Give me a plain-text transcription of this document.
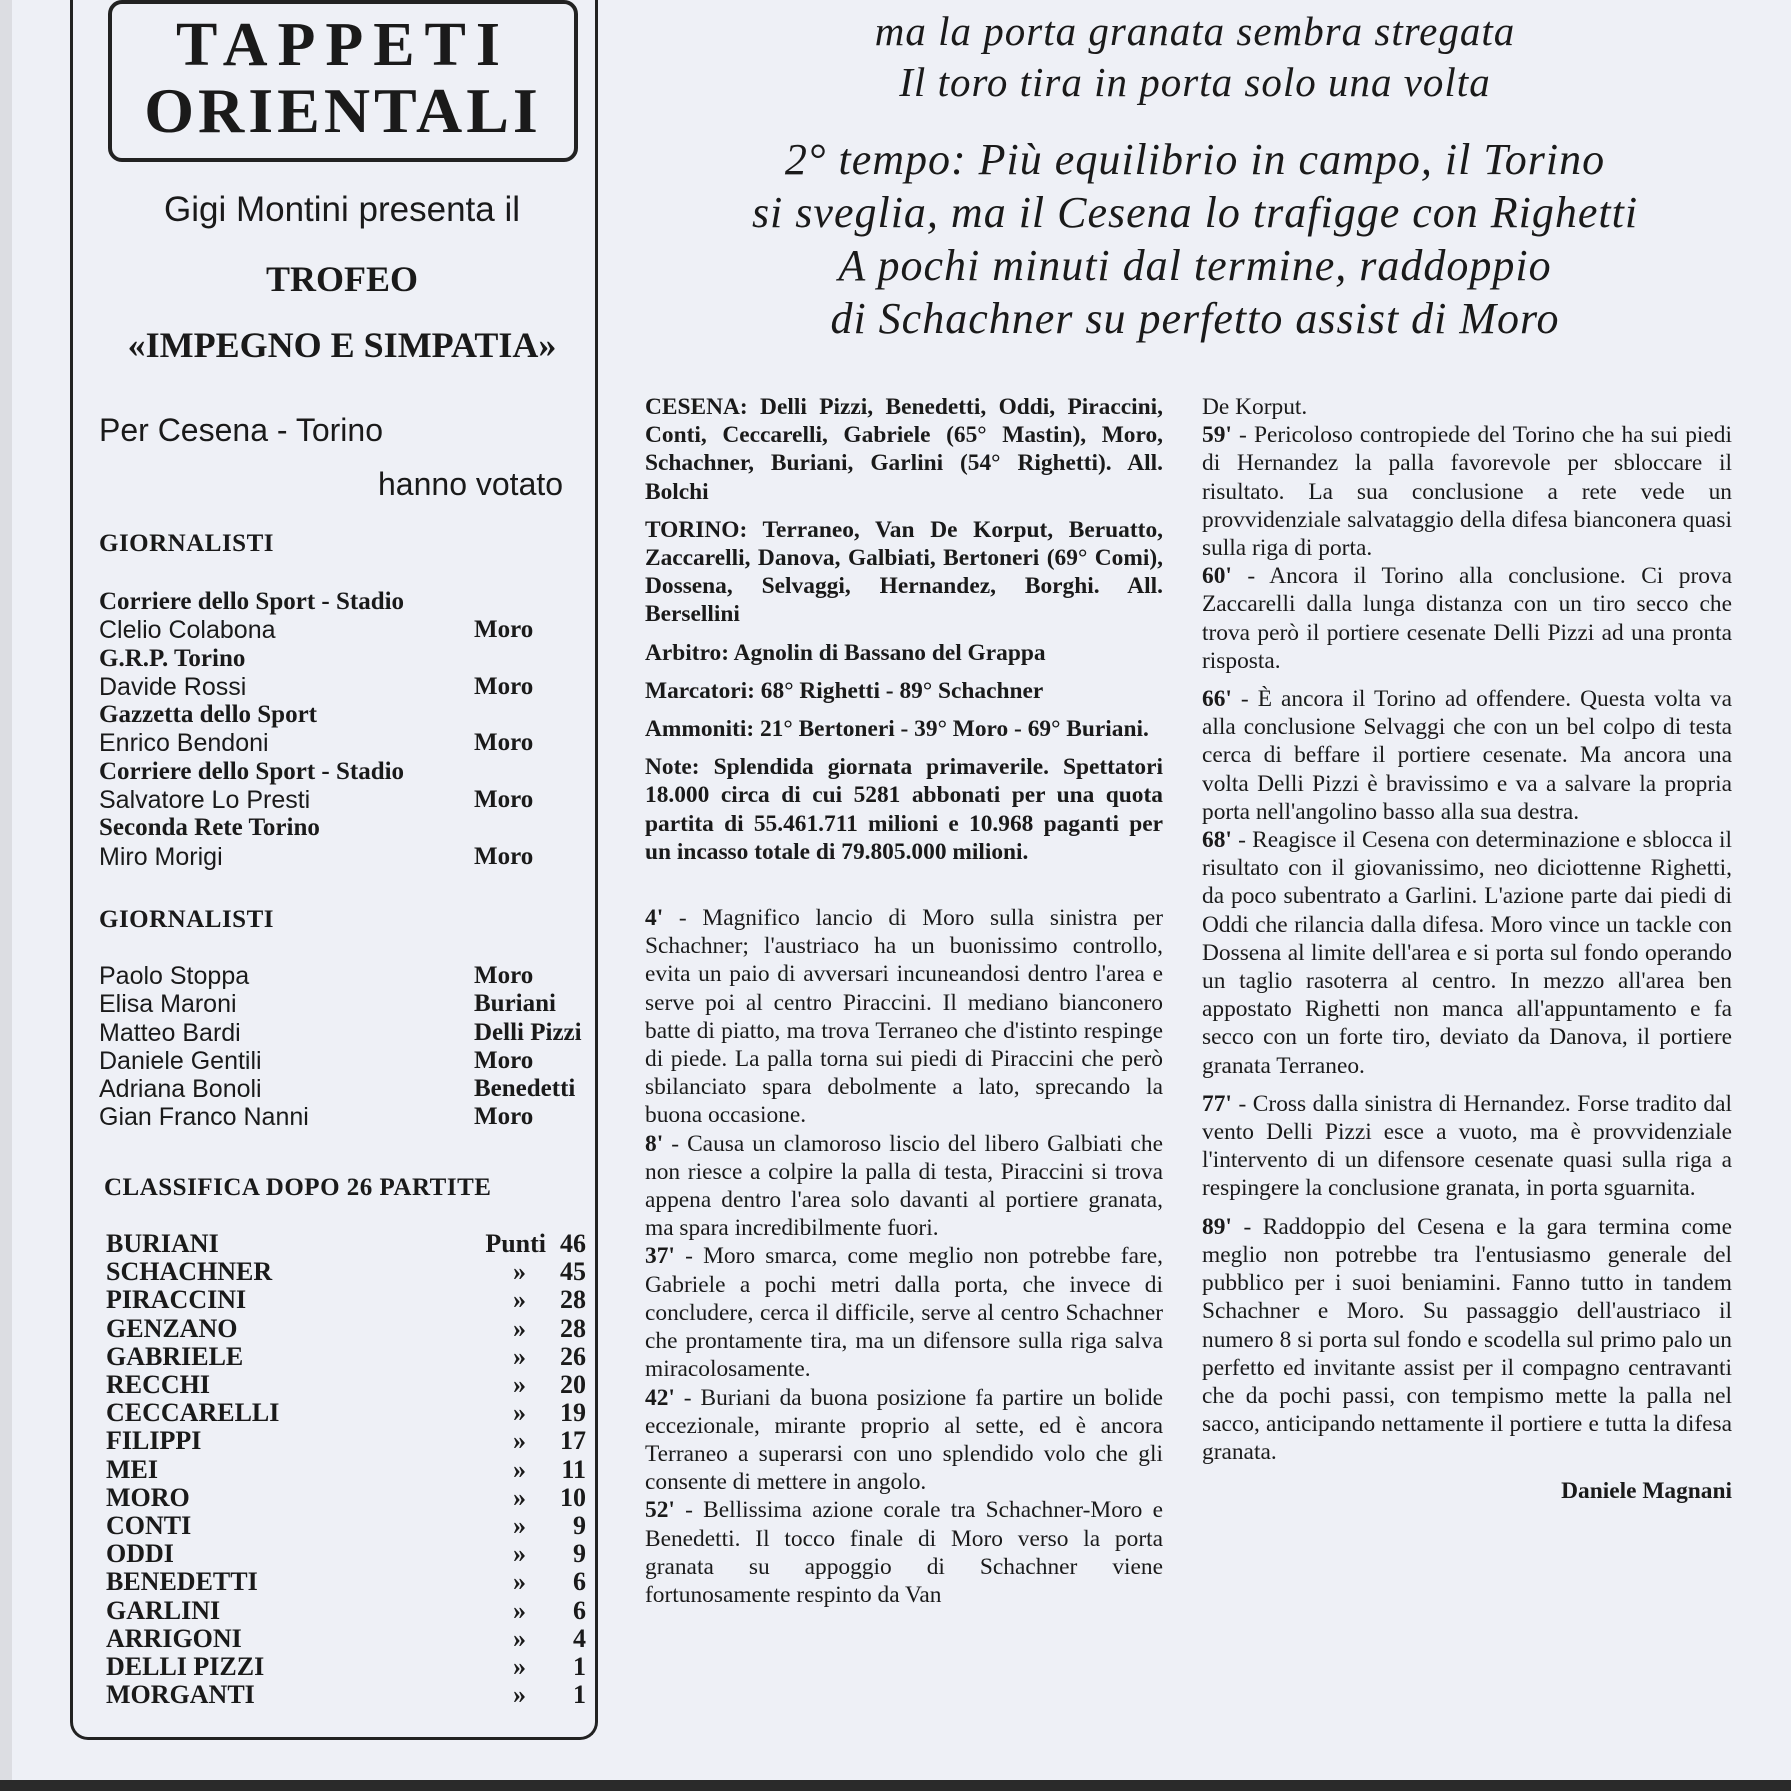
TAPPETI
ORIENTALI
Gigi Montini presenta il
TROFEO
«IMPEGNO E SIMPATIA»
Per Cesena - Torino
hanno votato
GIORNALISTI
Corriere dello Sport - Stadio
Clelio Colabona	Moro
G.R.P. Torino
Davide Rossi	Moro
Gazzetta dello Sport
Enrico Bendoni	Moro
Corriere dello Sport - Stadio
Salvatore Lo Presti	Moro
Seconda Rete Torino
Miro Morigi	Moro
GIORNALISTI
Paolo Stoppa	Moro
Elisa Maroni	Buriani
Matteo Bardi	Delli Pizzi
Daniele Gentili	Moro
Adriana Bonoli	Benedetti
Gian Franco Nanni	Moro
CLASSIFICA DOPO 26 PARTITE
BURIANI	Punti 46
SCHACHNER	»	45
PIRACCINI	»	28
GENZANO	»	28
GABRIELE	»	26
RECCHI	»	20
CECCARELLI	»	19
FILIPPI	»	17
MEI	»	11
MORO	»	10
CONTI	»	9
ODDI	»	9
BENEDETTI	»	6
GARLINI	»	6
ARRIGONI	»	4
DELLI PIZZI	»	1
MORGANTI	»	1
ma la porta granata sembra stregata
Il toro tira in porta solo una volta
2° tempo: Più equilibrio in campo, il Torino
si sveglia, ma il Cesena lo trafigge con Righetti
A pochi minuti dal termine, raddoppio
di Schachner su perfetto assist di Moro

CESENA: Delli Pizzi, Benedetti, Oddi, Piraccini, Conti, Ceccarelli, Gabriele (65° Mastin), Moro, Schachner, Buriani, Garlini (54° Righetti). All. Bolchi

TORINO: Terraneo, Van De Korput, Beruatto, Zaccarelli, Danova, Galbiati, Bertoneri (69° Comi), Dossena, Selvaggi, Hernandez, Borghi. All. Bersellini

Arbitro: Agnolin di Bassano del Grappa

Marcatori: 68° Righetti - 89° Schachner

Ammoniti: 21° Bertoneri - 39° Moro - 69° Buriani.

Note: Splendida giornata primaverile. Spettatori 18.000 circa di cui 5281 abbonati per una quota partita di 55.461.711 milioni e 10.968 paganti per un incasso totale di 79.805.000 milioni.

4' - Magnifico lancio di Moro sulla sinistra per Schachner; l'austriaco ha un buonissimo controllo, evita un paio di avversari incuneandosi dentro l'area e serve poi al centro Piraccini. Il mediano bianconero batte di piatto, ma trova Terraneo che d'istinto respinge di piede. La palla torna sui piedi di Piraccini che però sbilanciato spara debolmente a lato, sprecando la buona occasione.

8' - Causa un clamoroso liscio del libero Galbiati che non riesce a colpire la palla di testa, Piraccini si trova appena dentro l'area solo davanti al portiere granata, ma spara incredibilmente fuori.

37' - Moro smarca, come meglio non potrebbe fare, Gabriele a pochi metri dalla porta, che invece di concludere, cerca il difficile, serve al centro Schachner che prontamente tira, ma un difensore sulla riga salva miracolosamente.

42' - Buriani da buona posizione fa partire un bolide eccezionale, mirante proprio al sette, ed è ancora Terraneo a superarsi con uno splendido volo che gli consente di mettere in angolo.

52' - Bellissima azione corale tra Schachner-Moro e Benedetti. Il tocco finale di Moro verso la porta granata su appoggio di Schachner viene fortunosamente respinto da Van

De Korput.

59' - Pericoloso contropiede del Torino che ha sui piedi di Hernandez la palla favorevole per sbloccare il risultato. La sua conclusione a rete vede un provvidenziale salvataggio della difesa bianconera quasi sulla riga di porta.

60' - Ancora il Torino alla conclusione. Ci prova Zaccarelli dalla lunga distanza con un tiro secco che trova però il portiere cesenate Delli Pizzi ad una pronta risposta.

66' - È ancora il Torino ad offendere. Questa volta va alla conclusione Selvaggi che con un bel colpo di testa cerca di beffare il portiere cesenate. Ma ancora una volta Delli Pizzi è bravissimo e va a salvare la propria porta nell'angolino basso alla sua destra.

68' - Reagisce il Cesena con determinazione e sblocca il risultato con il giovanissimo, neo diciottenne Righetti, da poco subentrato a Garlini. L'azione parte dai piedi di Oddi che rilancia dalla difesa. Moro vince un tackle con Dossena al limite dell'area e si porta sul fondo operando un taglio rasoterra al centro. In mezzo all'area ben appostato Righetti non manca all'appuntamento e fa secco con un forte tiro, deviato da Danova, il portiere granata Terraneo.

77' - Cross dalla sinistra di Hernandez. Forse tradito dal vento Delli Pizzi esce a vuoto, ma è provvidenziale l'intervento di un difensore cesenate quasi sulla riga a respingere la conclusione granata, in porta sguarnita.

89' - Raddoppio del Cesena e la gara termina come meglio non potrebbe tra l'entusiasmo generale del pubblico per i suoi beniamini. Fanno tutto in tandem Schachner e Moro. Su passaggio dell'austriaco il numero 8 si porta sul fondo e scodella sul primo palo un perfetto ed invitante assist per il compagno centravanti che da pochi passi, con tempismo mette la palla nel sacco, anticipando nettamente il portiere e tutta la difesa granata.

Daniele Magnani
